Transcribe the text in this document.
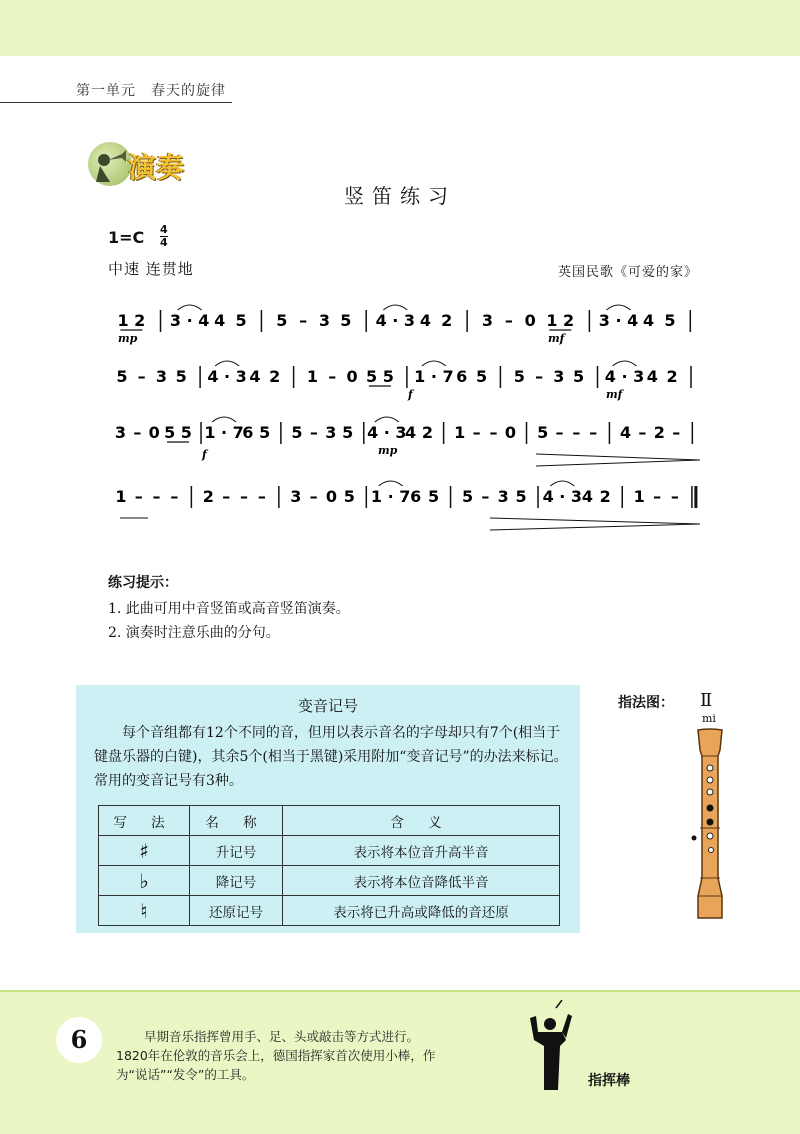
第一单元　春天的旋律
演奏
竖笛练习
1=C 4
4
中速 连贯地	英国民歌《可爱的家》
1 2 3 · 4 4 5 5 – 3 5 4 · 3 4 2 3 – 0 1 2 3 · 4 4 5
5 – 3 5 4 · 3 4 2 1 – 0 5 5 1 · 7 6 5 5 – 3 5 4 · 3 4 2
3 – 0 5 5 1 · 7
6 5 5 – 3 5 4 · 3
4 2 1 – – 0 5 – – – 4 – 2 –
1 – – – 2 – – – 3 – 0 5 1 · 7 6 5 5 – 3 5 4 · 3 4 2 1 – –
mp	mf
f	mf
f	mp
练习提示：
1. 此曲可用中音竖笛或高音竖笛演奏。
2. 演奏时注意乐曲的分句。
变音记号
每个音组都有12个不同的音，但用以表示音名的字母却只有7个(相当于键盘乐器的白键)，其余5个(相当于黑键)采用附加“变音记号”的办法来标记。常用的变音记号有3种。
写 法	名 称	含 义
♯	升记号	表示将本位音升高半音
♭	降记号	表示将本位音降低半音
♮	还原记号	表示将已升高或降低的音还原
指法图： Ⅱ
mi
6	早期音乐指挥曾用手、足、头或敲击等方式进行。
1820年在伦敦的音乐会上，德国指挥家首次使用小棒，作
为“说话”“发令”的工具。	指挥棒
